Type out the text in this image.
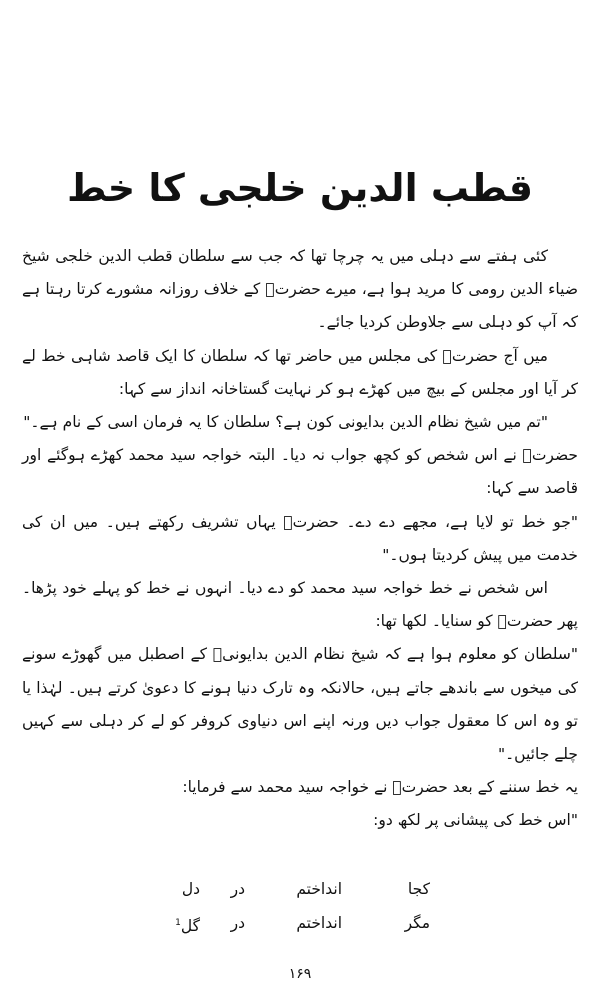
قطب الدین خلجی کا خط

کئی ہفتے سے دہلی میں یہ چرچا تھا کہ جب سے سلطان قطب الدین خلجی شیخ ضیاء الدین رومی کا مرید ہوا ہے، میرے حضرتؒ کے خلاف روزانہ مشورے کرتا رہتا ہے کہ آپ کو دہلی سے جلاوطن کردیا جائے۔

میں آج حضرتؒ کی مجلس میں حاضر تھا کہ سلطان کا ایک قاصد شاہی خط لے کر آیا اور مجلس کے بیچ میں کھڑے ہو کر نہایت گستاخانہ انداز سے کہا:

"تم میں شیخ نظام الدین بدایونی کون ہے؟ سلطان کا یہ فرمان اسی کے نام ہے۔"

حضرتؒ نے اس شخص کو کچھ جواب نہ دیا۔ البتہ خواجہ سید محمد کھڑے ہوگئے اور قاصد سے کہا:

"جو خط تو لایا ہے، مجھے دے دے۔ حضرتؒ یہاں تشریف رکھتے ہیں۔ میں ان کی خدمت میں پیش کردیتا ہوں۔"

اس شخص نے خط خواجہ سید محمد کو دے دیا۔ انہوں نے خط کو پہلے خود پڑھا۔ پھر حضرتؒ کو سنایا۔ لکھا تھا:

"سلطان کو معلوم ہوا ہے کہ شیخ نظام الدین بدایونیؒ کے اصطبل میں گھوڑے سونے کی میخوں سے باندھے جاتے ہیں، حالانکہ وہ تارک دنیا ہونے کا دعویٰ کرتے ہیں۔ لہٰذا یا تو وہ اس کا معقول جواب دیں ورنہ اپنے اس دنیاوی کروفر کو لے کر دہلی سے کہیں چلے جائیں۔"

یہ خط سننے کے بعد حضرتؒ نے خواجہ سید محمد سے فرمایا:

"اس خط کی پیشانی پر لکھ دو:

کجا
انداختم
در
دل
مگر
انداختم
در
گل$^1$
۱۶۹
